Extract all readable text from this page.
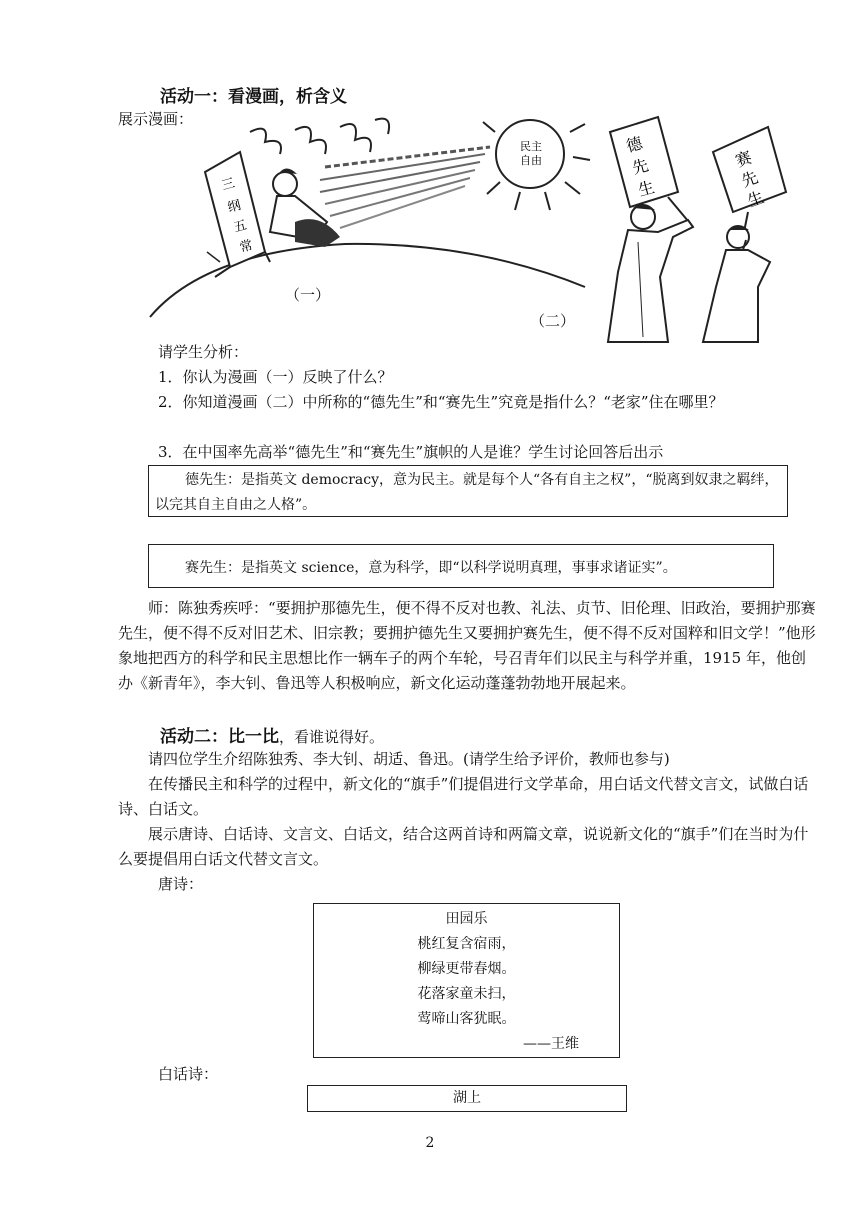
活动一：看漫画，析含义
展示漫画：
三
纲
五
常
民主
自由
（一）
德
先
生
赛
先
生
（二）
请学生分析：
1．你认为漫画（一）反映了什么？
2．你知道漫画（二）中所称的“德先生”和“赛先生”究竟是指什么？“老家”住在哪里？
3．在中国率先高举“德先生”和“赛先生”旗帜的人是谁？学生讨论回答后出示
德先生：是指英文 democracy，意为民主。就是每个人“各有自主之权”，“脱离到奴隶之羁绊，以完其自主自由之人格”。
赛先生：是指英文 science，意为科学，即“以科学说明真理，事事求诸证实”。
师：陈独秀疾呼：“要拥护那德先生，便不得不反对也教、礼法、贞节、旧伦理、旧政治，要拥护那赛先生，便不得不反对旧艺术、旧宗教；要拥护德先生又要拥护赛先生，便不得不反对国粹和旧文学！”他形象地把西方的科学和民主思想比作一辆车子的两个车轮，号召青年们以民主与科学并重，1915 年，他创办《新青年》，李大钊、鲁迅等人积极响应，新文化运动蓬蓬勃勃地开展起来。
活动二：比一比，看谁说得好。
请四位学生介绍陈独秀、李大钊、胡适、鲁迅。(请学生给予评价，教师也参与)
在传播民主和科学的过程中，新文化的“旗手”们提倡进行文学革命，用白话文代替文言文，试做白话诗、白话文。
展示唐诗、白话诗、文言文、白话文，结合这两首诗和两篇文章，说说新文化的“旗手”们在当时为什么要提倡用白话文代替文言文。
唐诗：
田园乐
桃红复含宿雨，
柳绿更带春烟。
花落家童未扫，
莺啼山客犹眠。
——王维
白话诗：
湖上
2
